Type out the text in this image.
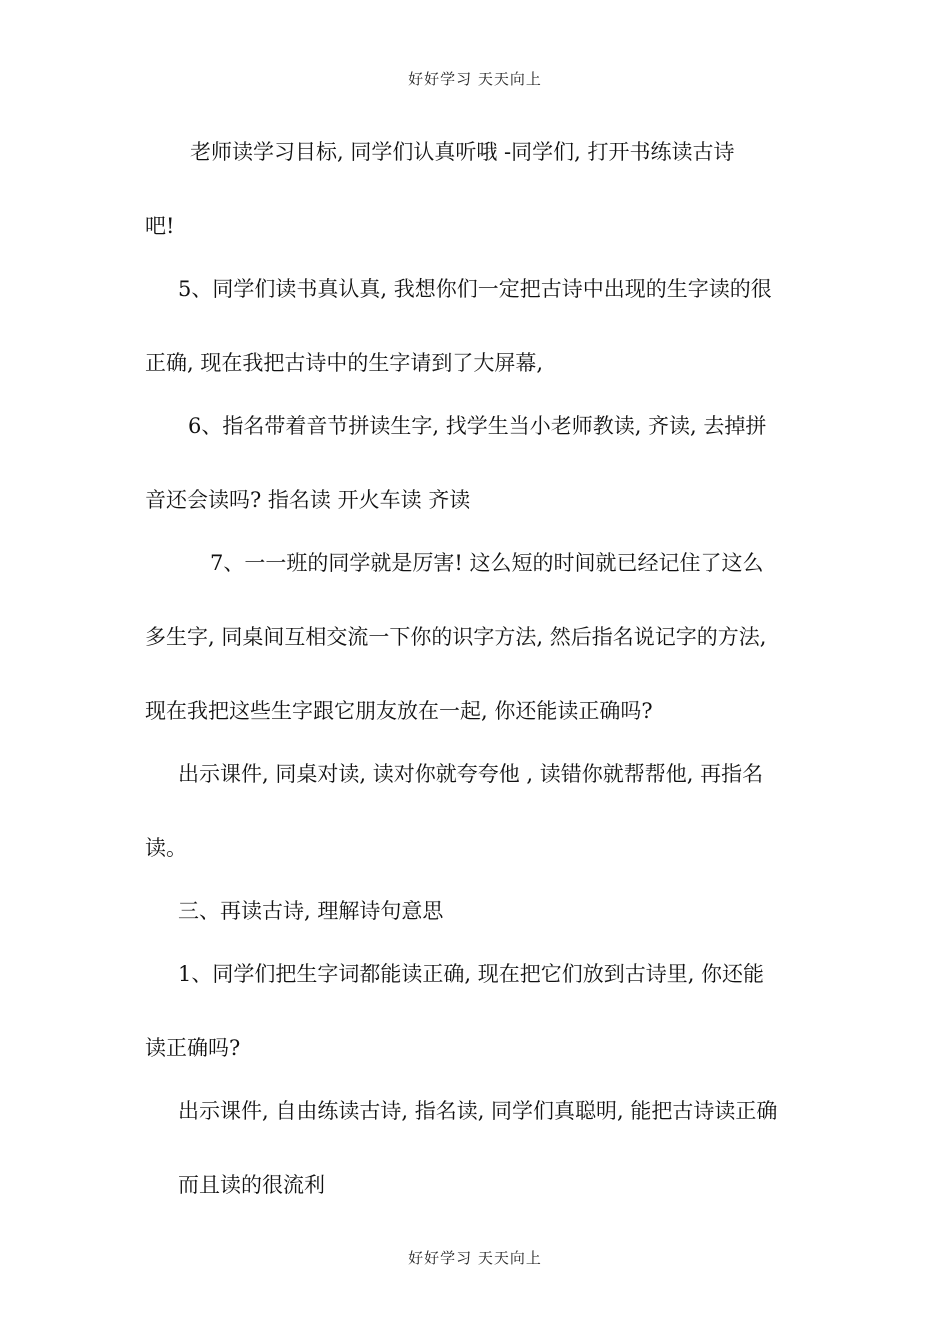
好好学习 天天向上
老师读学习目标, 同学们认真听哦 -同学们, 打开书练读古诗
吧!
5、同学们读书真认真, 我想你们一定把古诗中出现的生字读的很
正确, 现在我把古诗中的生字请到了大屏幕,
6、指名带着音节拼读生字, 找学生当小老师教读, 齐读, 去掉拼
音还会读吗? 指名读 开火车读 齐读
7、一一班的同学就是厉害! 这么短的时间就已经记住了这么
多生字, 同桌间互相交流一下你的识字方法, 然后指名说记字的方法,
现在我把这些生字跟它朋友放在一起, 你还能读正确吗?
出示课件, 同桌对读, 读对你就夸夸他 , 读错你就帮帮他, 再指名
读。
三、再读古诗, 理解诗句意思
1、同学们把生字词都能读正确, 现在把它们放到古诗里, 你还能
读正确吗?
出示课件, 自由练读古诗, 指名读, 同学们真聪明, 能把古诗读正确
而且读的很流利
好好学习 天天向上
